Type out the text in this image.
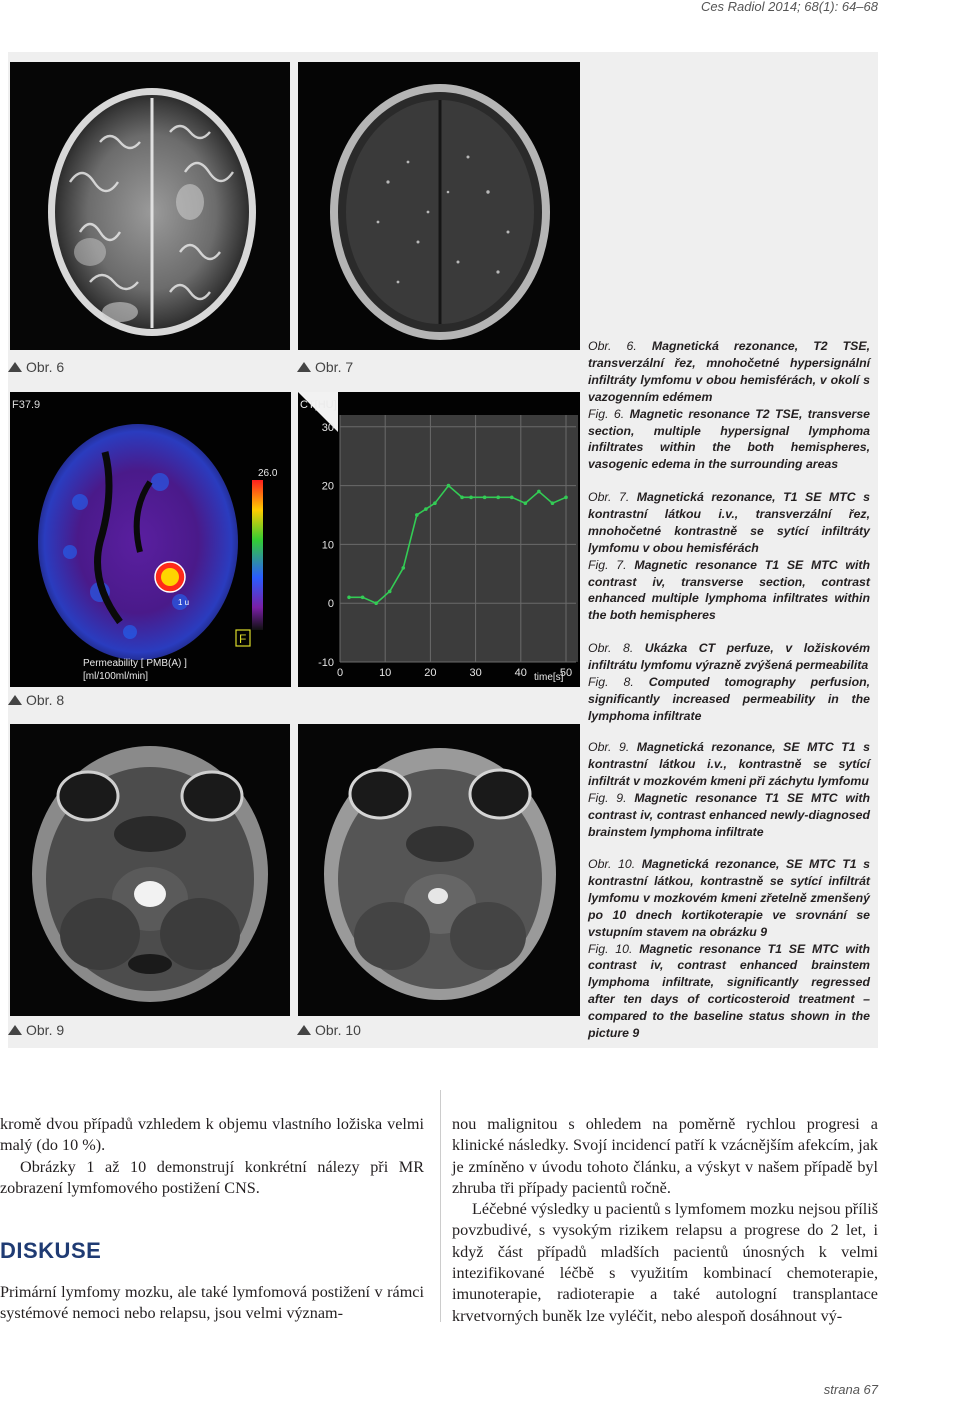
Ces Radiol 2014; 68(1): 64–68
Obr. 6	Obr. 7
F37.9
26.0
F
Permeability [ PMB(A) ]
[ml/100ml/min]
1 u
30
20
10
0
-10
0	10	20	30	40	50
CT[HU]
time[s]
Obr. 8
Obr. 9	Obr. 10
Obr. 6. Magnetická rezonance, T2 TSE, transverzální řez, mnohočetné hypersignální infiltráty lymfomu v obou hemisférách, v okolí s vazogenním edémem
Fig. 6. Magnetic resonance T2 TSE, transverse section, multiple hypersignal lymphoma infiltrates within the both hemispheres, vasogenic edema in the surrounding areas
Obr. 7. Magnetická rezonance, T1 SE MTC s kontrastní látkou i.v., transverzální řez, mnohočetné kontrastně se sytící infiltráty lymfomu v obou hemisférách
Fig. 7. Magnetic resonance T1 SE MTC with contrast iv, transverse section, contrast enhanced multiple lymphoma infiltrates within the both hemispheres
Obr. 8. Ukázka CT perfuze, v ložiskovém infiltrátu lymfomu výrazně zvýšená permeabilita
Fig. 8. Computed tomography perfusion, significantly increased permeability in the lymphoma infiltrate
Obr. 9. Magnetická rezonance, SE MTC T1 s kontrastní látkou i.v., kontrastně se sytící infiltrát v mozkovém kmeni při záchytu lymfomu
Fig. 9. Magnetic resonance T1 SE MTC with contrast iv, contrast enhanced newly-diagnosed brainstem lymphoma infiltrate
Obr. 10. Magnetická rezonance, SE MTC T1 s kontrastní látkou, kontrastně se sytící infiltrát lymfomu v mozkovém kmeni zřetelně zmenšený po 10 dnech kortikoterapie ve srovnání se vstupním stavem na obrázku 9
Fig. 10. Magnetic resonance T1 SE MTC with contrast iv, contrast enhanced brainstem lymphoma infiltrate, significantly regressed after ten days of corticosteroid treatment – compared to the baseline status shown in the picture 9

kromě dvou případů vzhledem k objemu vlastního ložiska velmi malý (do 10 %).

Obrázky 1 až 10 demonstrují konkrétní nálezy při MR zobrazení lymfomového postižení CNS.

DISKUSE

Primární lymfomy mozku, ale také lymfomová postižení v rámci systémové nemoci nebo relapsu, jsou velmi význam-

nou malignitou s ohledem na poměrně rychlou progresi a klinické následky. Svojí incidencí patří k vzácnějším afekcím, jak je zmíněno v úvodu tohoto článku, a výskyt v našem případě byl zhruba tři případy pacientů ročně.

Léčebné výsledky u pacientů s lymfomem mozku nejsou příliš povzbudivé, s vysokým rizikem relapsu a progrese do 2 let, i když část případů mladších pacientů únosných k velmi intezifikované léčbě s využitím kombinací chemoterapie, imunoterapie, radioterapie a také autologní transplantace krvetvorných buněk lze vyléčit, nebo alespoň dosáhnout vý-

strana 67
